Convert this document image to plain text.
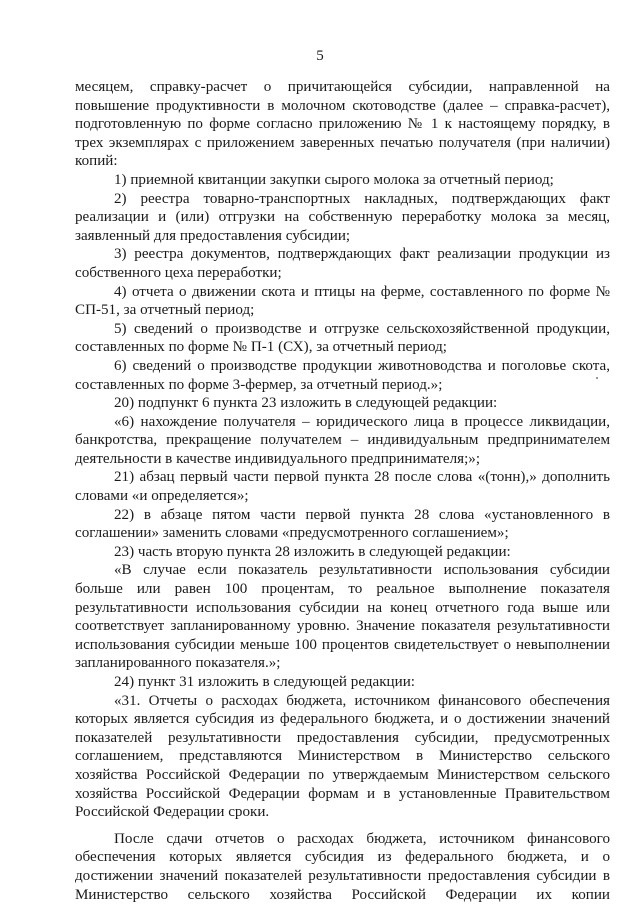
5

месяцем, справку-расчет о причитающейся субсидии, направленной на повышение продуктивности в молочном скотоводстве (далее – справка-расчет), подготовленную по форме согласно приложению № 1 к настоящему порядку, в трех экземплярах с приложением заверенных печатью получателя (при наличии) копий:

1) приемной квитанции закупки сырого молока за отчетный период;

2) реестра товарно-транспортных накладных, подтверждающих факт реализации и (или) отгрузки на собственную переработку молока за месяц, заявленный для предоставления субсидии;

3) реестра документов, подтверждающих факт реализации продукции из собственного цеха переработки;

4) отчета о движении скота и птицы на ферме, составленного по форме № СП-51, за отчетный период;

5) сведений о производстве и отгрузке сельскохозяйственной продукции, составленных по форме № П-1 (СХ), за отчетный период;

6) сведений о производстве продукции животноводства и поголовье скота, составленных по форме 3-фермер, за отчетный период.»;

20) подпункт 6 пункта 23 изложить в следующей редакции:

«6) нахождение получателя – юридического лица в процессе ликвидации, банкротства, прекращение получателем – индивидуальным предпринимателем деятельности в качестве индивидуального предпринимателя;»;

21) абзац первый части первой пункта 28 после слова «(тонн),» дополнить словами «и определяется»;

22) в абзаце пятом части первой пункта 28 слова «установленного в соглашении» заменить словами «предусмотренного соглашением»;

23) часть вторую пункта 28 изложить в следующей редакции:

«В случае если показатель результативности использования субсидии больше или равен 100 процентам, то реальное выполнение показателя результативности использования субсидии на конец отчетного года выше или соответствует запланированному уровню. Значение показателя результативности использования субсидии меньше 100 процентов свидетельствует о невыполнении запланированного показателя.»;

24) пункт 31 изложить в следующей редакции:

«31. Отчеты о расходах бюджета, источником финансового обеспечения которых является субсидия из федерального бюджета, и о достижении значений показателей результативности предоставления субсидии, предусмотренных соглашением, представляются Министерством в Министерство сельского хозяйства Российской Федерации по утверждаемым Министерством сельского хозяйства Российской Федерации формам и в установленные Правительством Российской Федерации сроки.

После сдачи отчетов о расходах бюджета, источником финансового обеспечения которых является субсидия из федерального бюджета, и о достижении значений показателей результативности предоставления субсидии в Министерство сельского хозяйства Российской Федерации их копии
